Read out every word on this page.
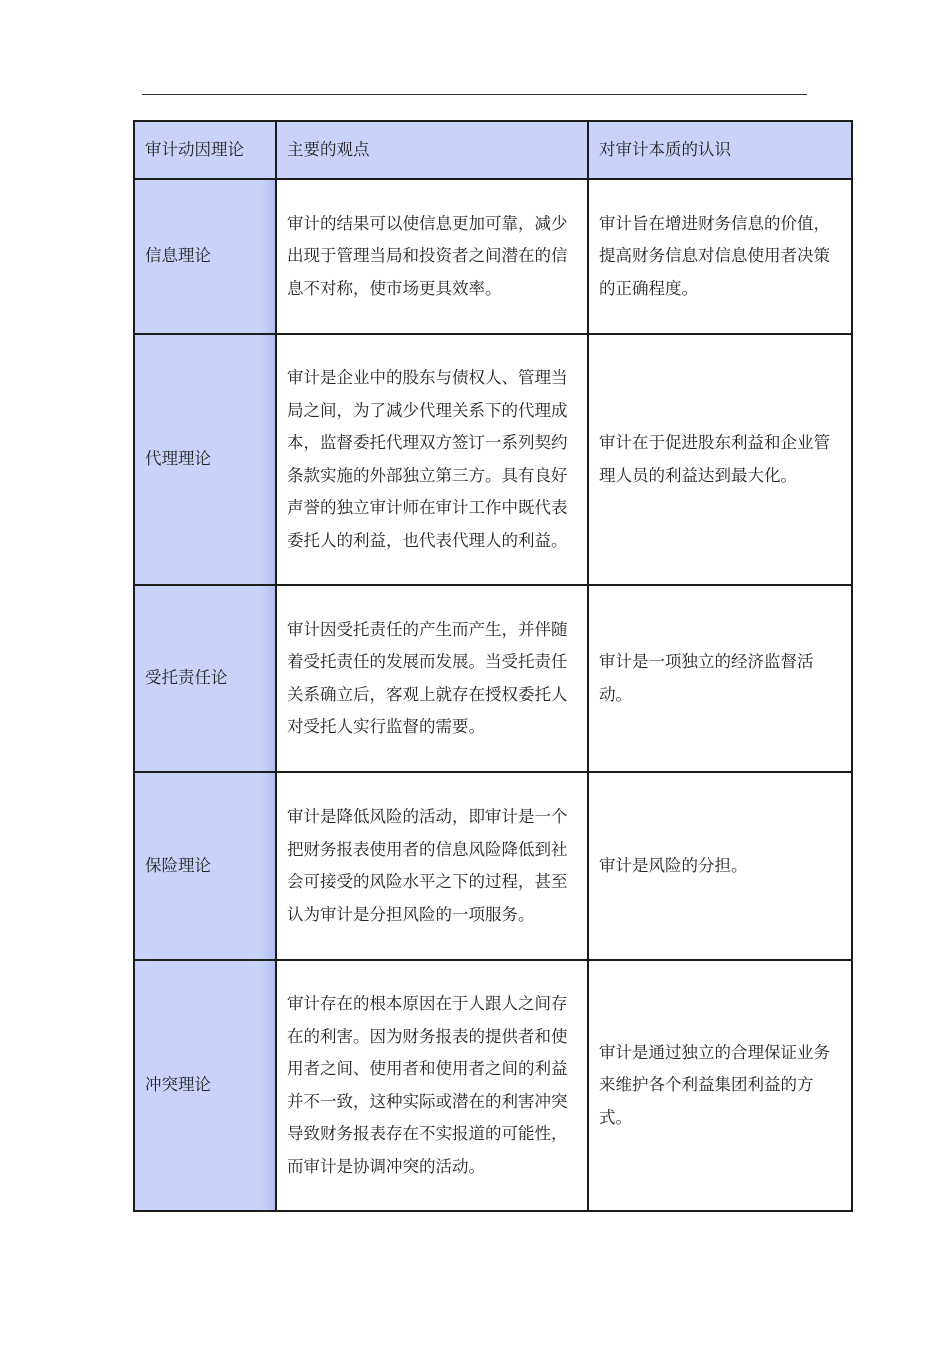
审计动因理论	主要的观点	对审计本质的认识
信息理论	审计的结果可以使信息更加可靠，减少出现于管理当局和投资者之间潜在的信息不对称，使市场更具效率。	审计旨在增进财务信息的价值，提高财务信息对信息使用者决策的正确程度。
代理理论	审计是企业中的股东与债权人、管理当局之间，为了减少代理关系下的代理成本，监督委托代理双方签订一系列契约条款实施的外部独立第三方。具有良好声誉的独立审计师在审计工作中既代表委托人的利益，也代表代理人的利益。	审计在于促进股东利益和企业管理人员的利益达到最大化。
受托责任论	审计因受托责任的产生而产生，并伴随着受托责任的发展而发展。当受托责任关系确立后，客观上就存在授权委托人对受托人实行监督的需要。	审计是一项独立的经济监督活动。
保险理论	审计是降低风险的活动，即审计是一个把财务报表使用者的信息风险降低到社会可接受的风险水平之下的过程，甚至认为审计是分担风险的一项服务。	审计是风险的分担。
冲突理论	审计存在的根本原因在于人跟人之间存在的利害。因为财务报表的提供者和使用者之间、使用者和使用者之间的利益并不一致，这种实际或潜在的利害冲突导致财务报表存在不实报道的可能性，而审计是协调冲突的活动。	审计是通过独立的合理保证业务来维护各个利益集团利益的方式。
